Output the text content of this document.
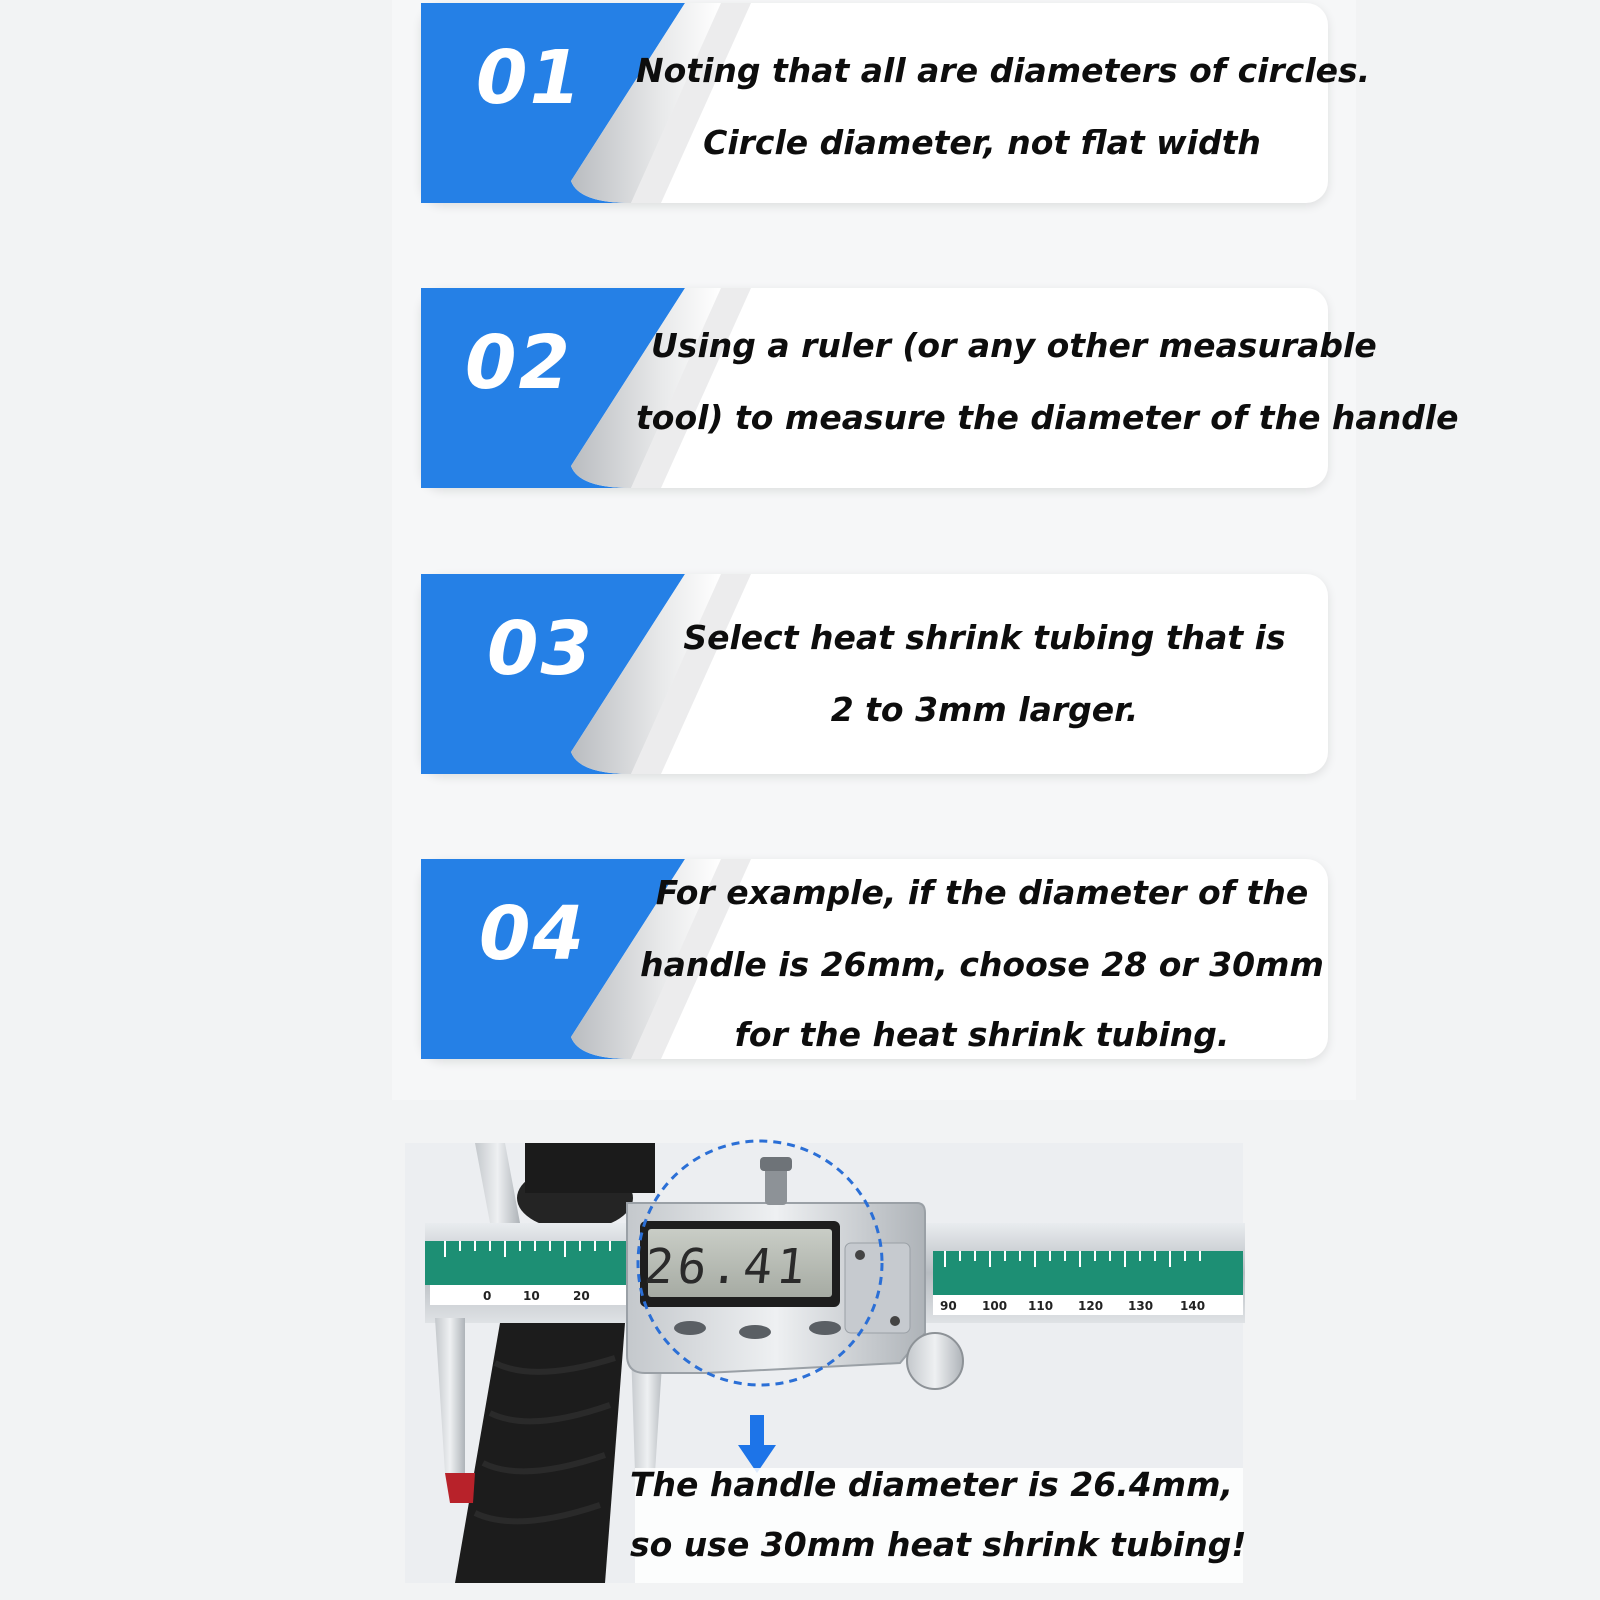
01 Noting that all are diameters of circles.
Circle diameter, not flat width
02 Using a ruler (or any other measurable
tool) to measure the diameter of the handle
03	Select heat shrink tubing that is
2 to 3mm larger.
04	For example, if the diameter of the
handle is 26mm, choose 28 or 30mm
for the heat shrink tubing.
0	10	20
90 100 110 120 130 140
26.41
The handle diameter is 26.4mm,
so use 30mm heat shrink tubing!
